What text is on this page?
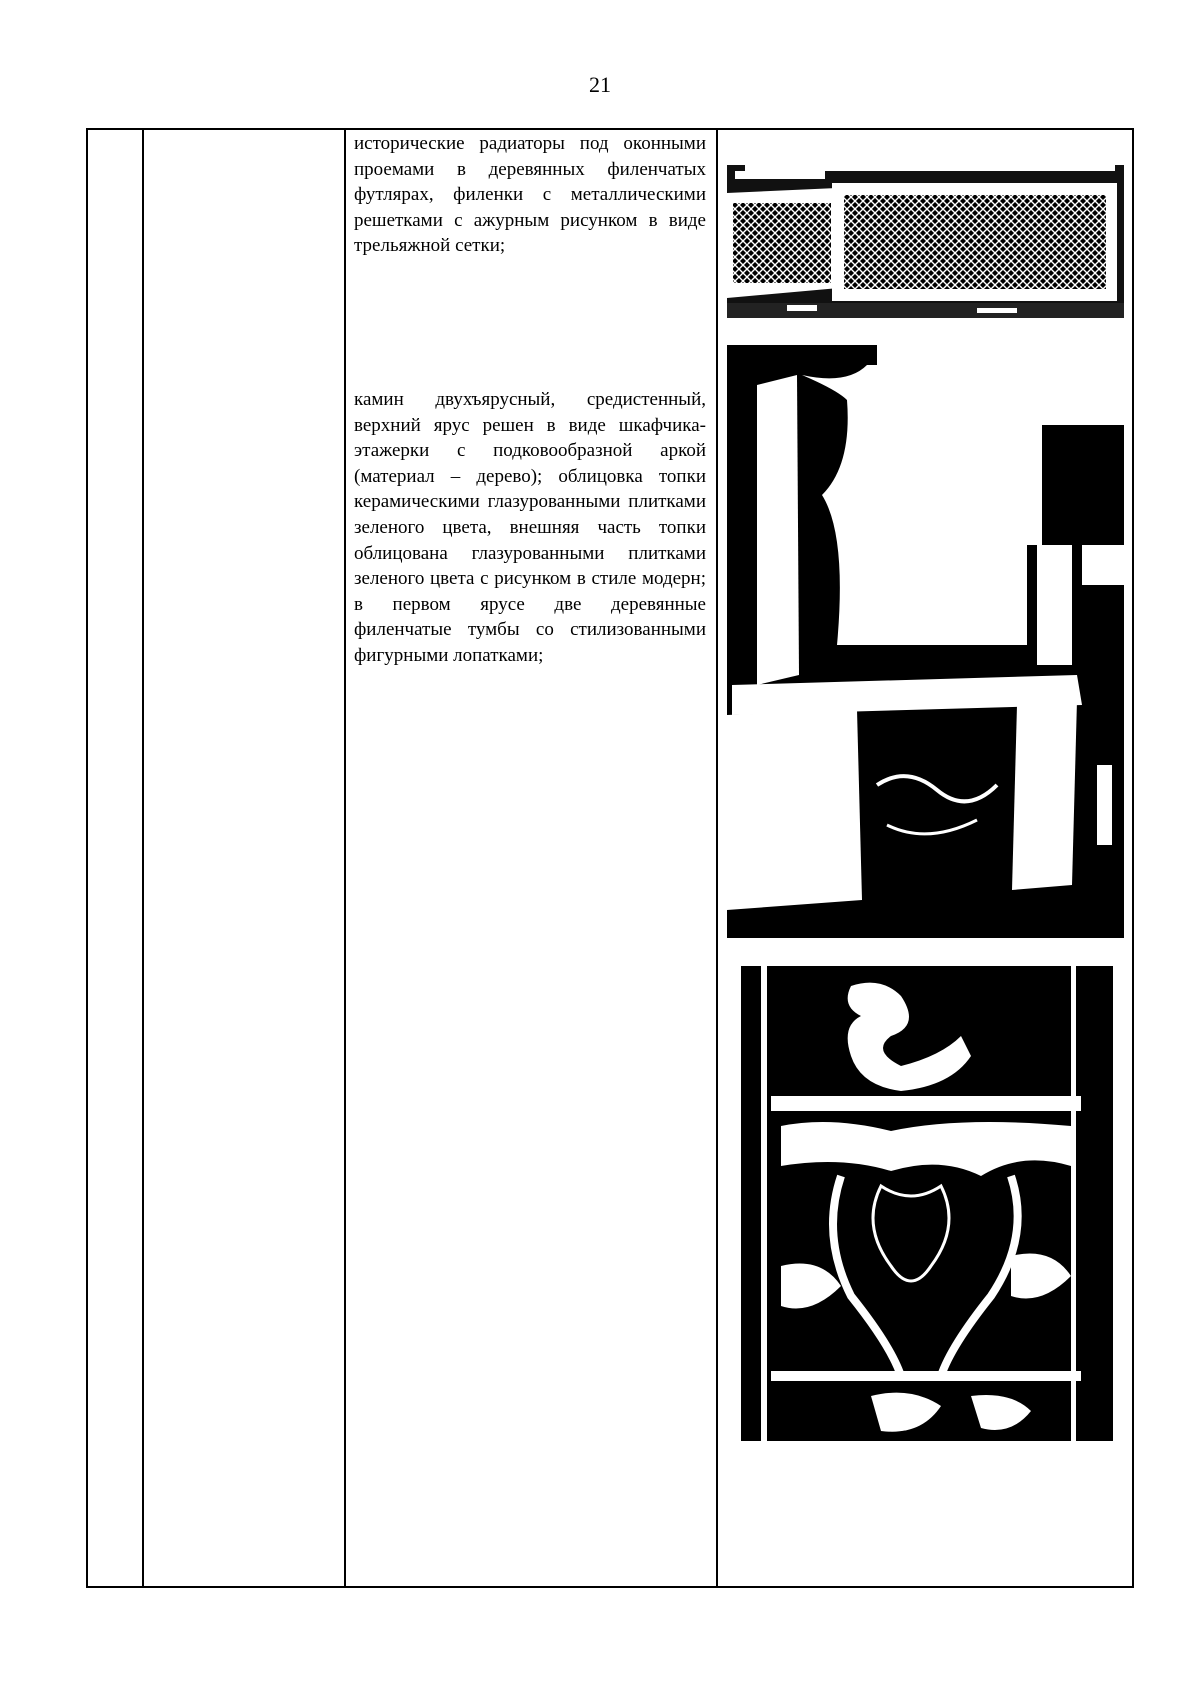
21
исторические радиаторы под оконными проемами в деревянных филенчатых футлярах, филенки с металлическими решетками с ажурным рисунком в виде трельяжной сетки;
камин двухъярусный, средистенный, верхний ярус решен в виде шкафчика-этажерки с подковообразной аркой (материал – дерево); облицовка топки керамическими глазурованными плитками зеленого цвета, внешняя часть топки облицована глазурованными плитками зеленого цвета с рисунком в стиле модерн; в первом ярусе две деревянные филенчатые тумбы со стилизованными фигурными лопатками;
